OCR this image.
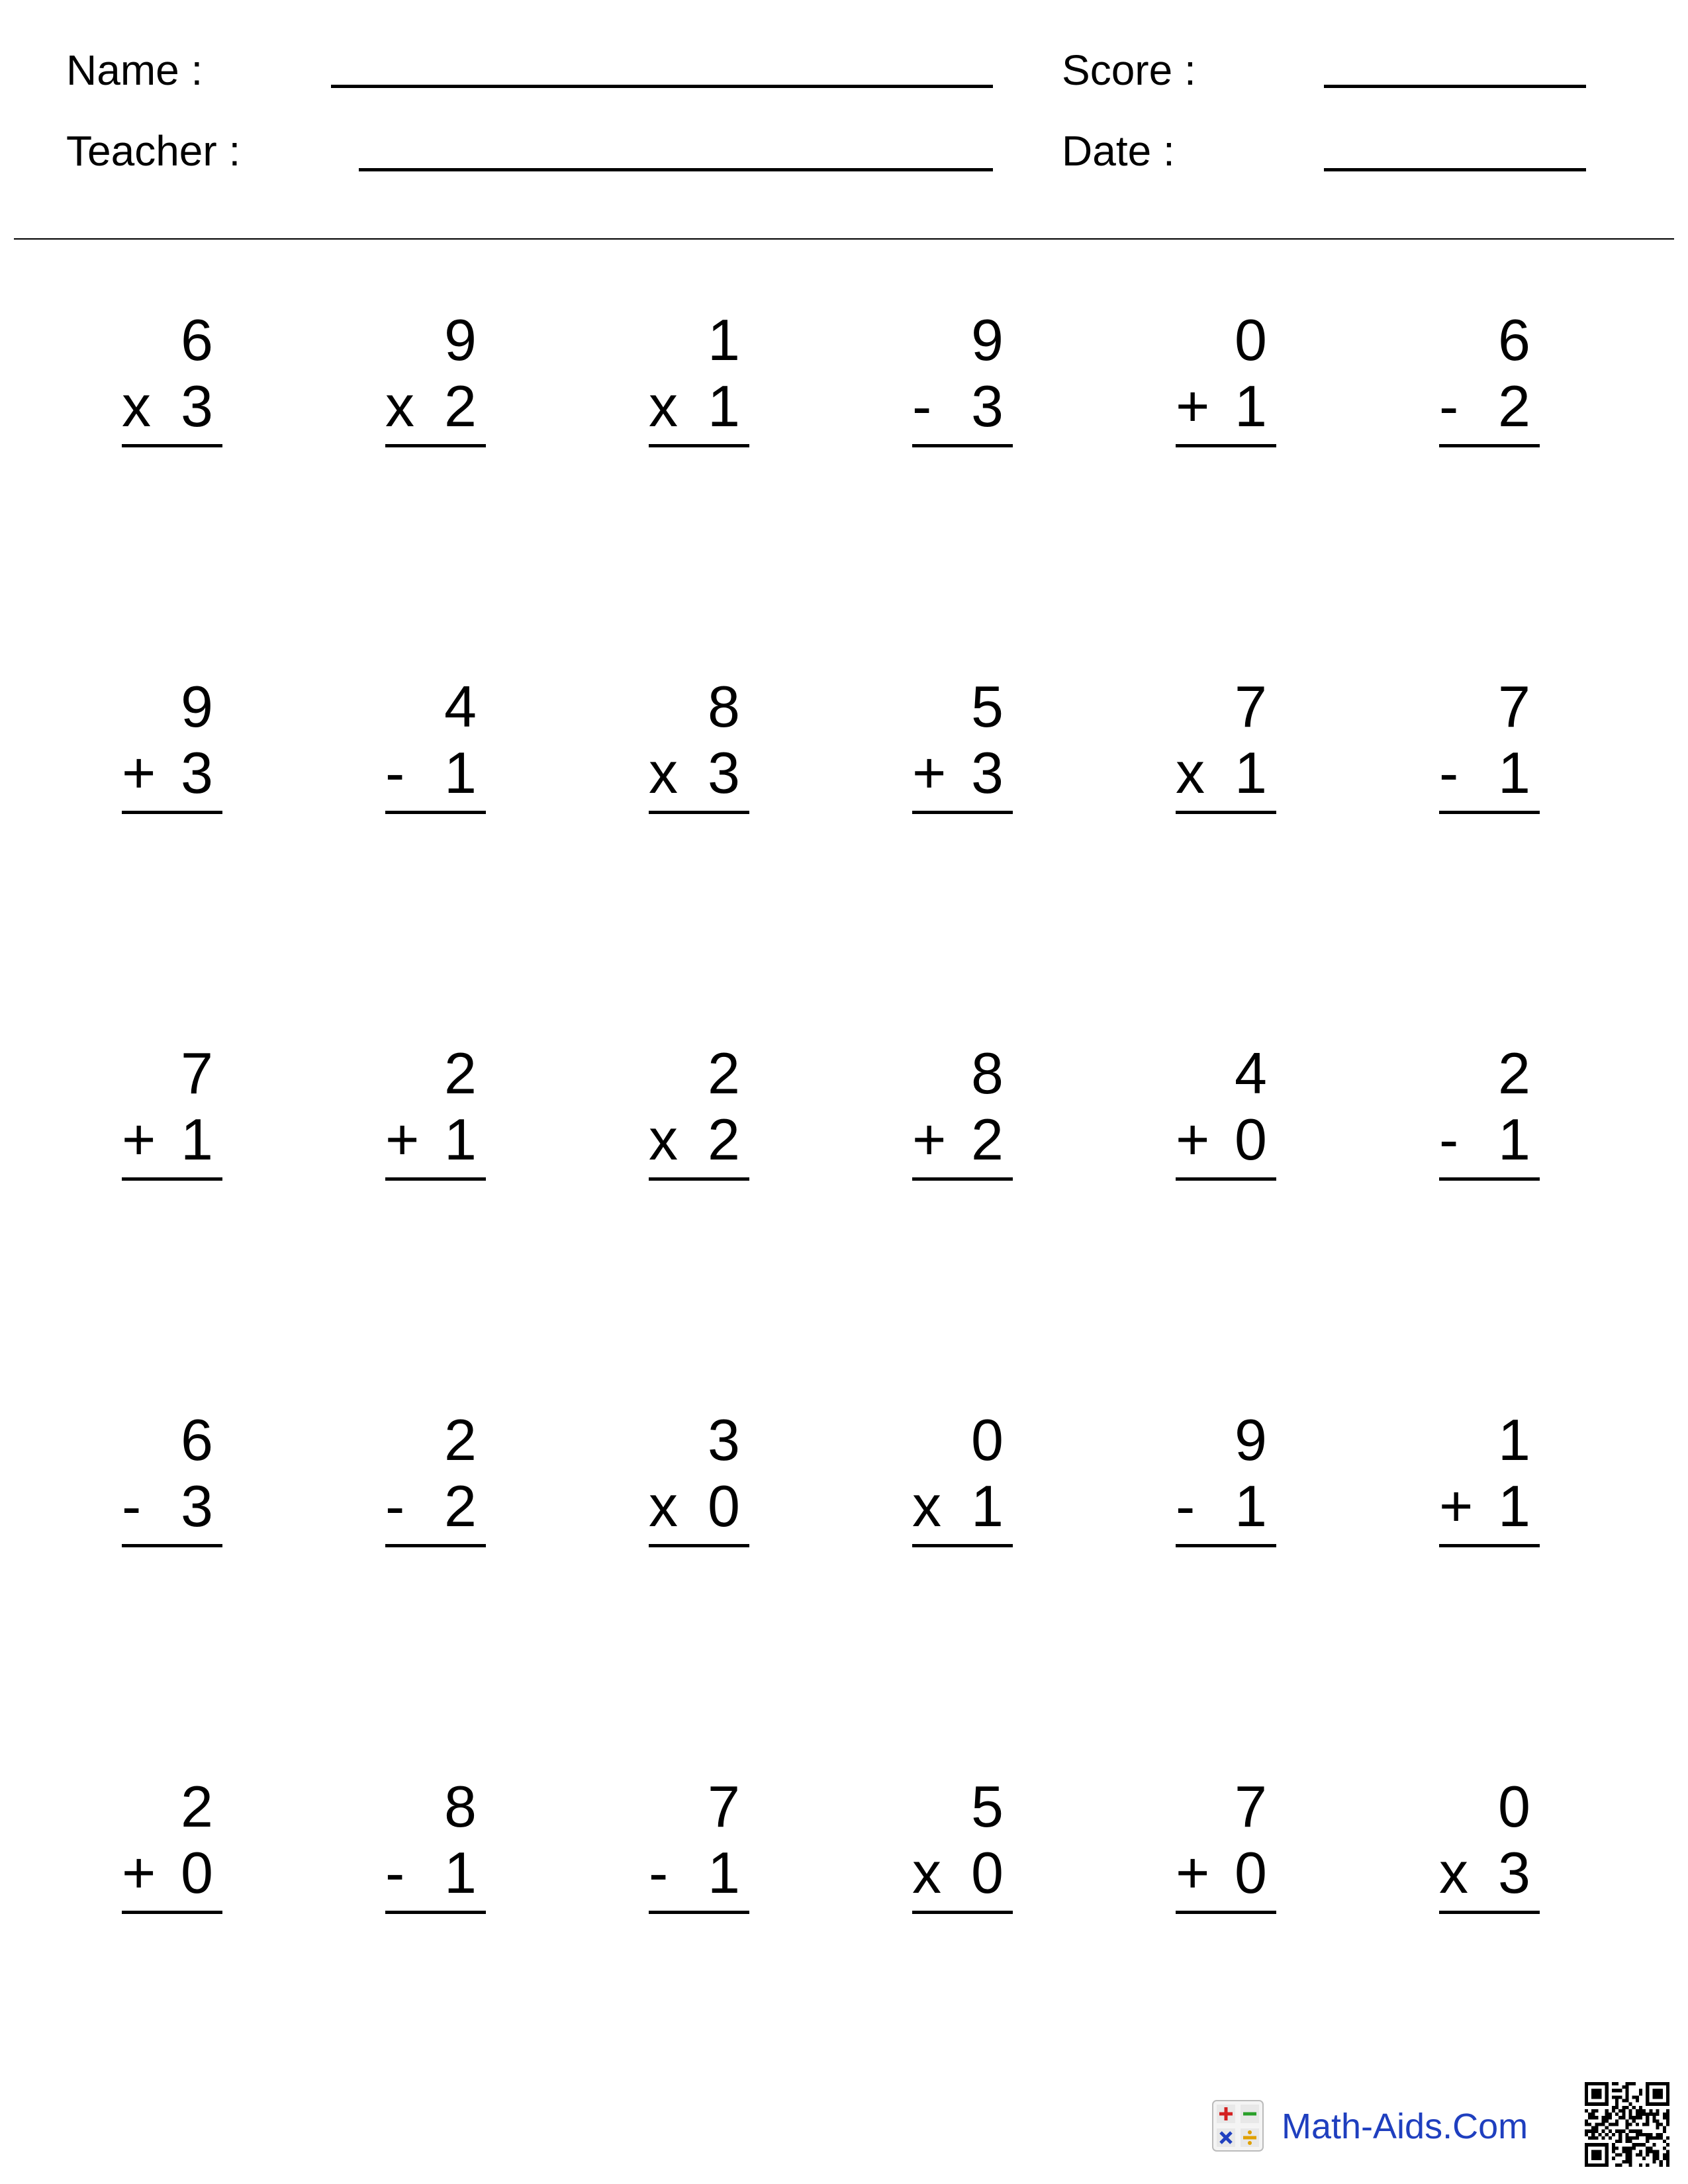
Name :
Teacher :
Score :
Date :
6
x 3
9
x 2
1
x 1
9
- 3
0
+ 1
6
- 2
9
+ 3
4
- 1
8
x 3
5
+ 3
7
x 1
7
- 1
7
+ 1
2
+ 1
2
x 2
8
+ 2
4
+ 0
2
- 1
6
- 3
2
- 2
3
x 0
0
x 1
9
- 1
1
+ 1
2
+ 0
8
- 1
7
- 1
5
x 0
7
+ 0
0
x 3
Math-Aids.Com
